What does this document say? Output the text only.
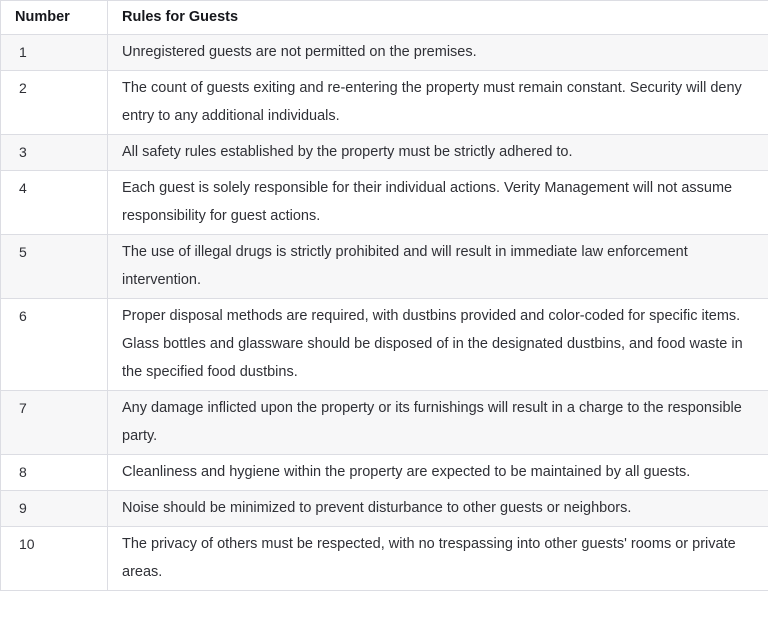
Number	Rules for Guests
1	Unregistered guests are not permitted on the premises.
2	The count of guests exiting and re-entering the property must remain constant. Security will deny entry to any additional individuals.
3	All safety rules established by the property must be strictly adhered to.
4	Each guest is solely responsible for their individual actions. Verity Management will not assume responsibility for guest actions.
5	The use of illegal drugs is strictly prohibited and will result in immediate law enforcement intervention.
6	Proper disposal methods are required, with dustbins provided and color-coded for specific items. Glass bottles and glassware should be disposed of in the designated dustbins, and food waste in the specified food dustbins.
7	Any damage inflicted upon the property or its furnishings will result in a charge to the responsible party.
8	Cleanliness and hygiene within the property are expected to be maintained by all guests.
9	Noise should be minimized to prevent disturbance to other guests or neighbors.
10	The privacy of others must be respected, with no trespassing into other guests' rooms or private areas.
